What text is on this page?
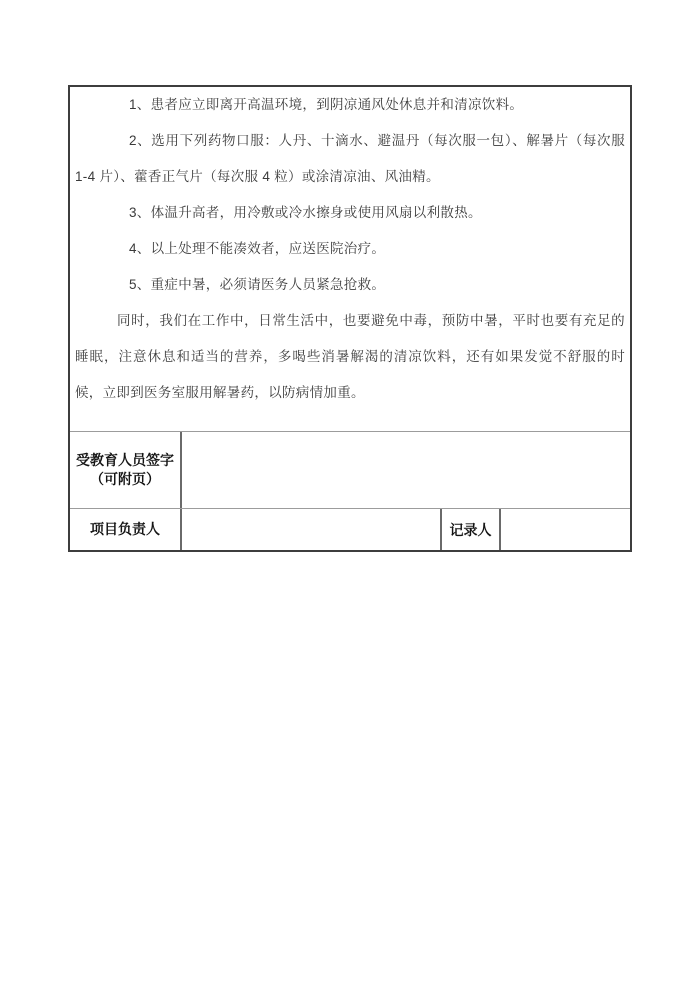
1、患者应立即离开高温环境，到阴凉通风处休息并和清凉饮料。

2、选用下列药物口服：人丹、十滴水、避温丹（每次服一包）、解暑片（每次服1-4 片）、藿香正气片（每次服 4 粒）或涂清凉油、风油精。

3、体温升高者，用冷敷或冷水擦身或使用风扇以利散热。

4、以上处理不能凑效者，应送医院治疗。

5、重症中暑，必须请医务人员紧急抢救。

同时，我们在工作中，日常生活中，也要避免中毒，预防中暑，平时也要有充足的睡眠，注意休息和适当的营养，多喝些消暑解渴的清凉饮料，还有如果发觉不舒服的时候，立即到医务室服用解暑药，以防病情加重。

受教育人员签字
（可附页）
项目负责人	记录人
